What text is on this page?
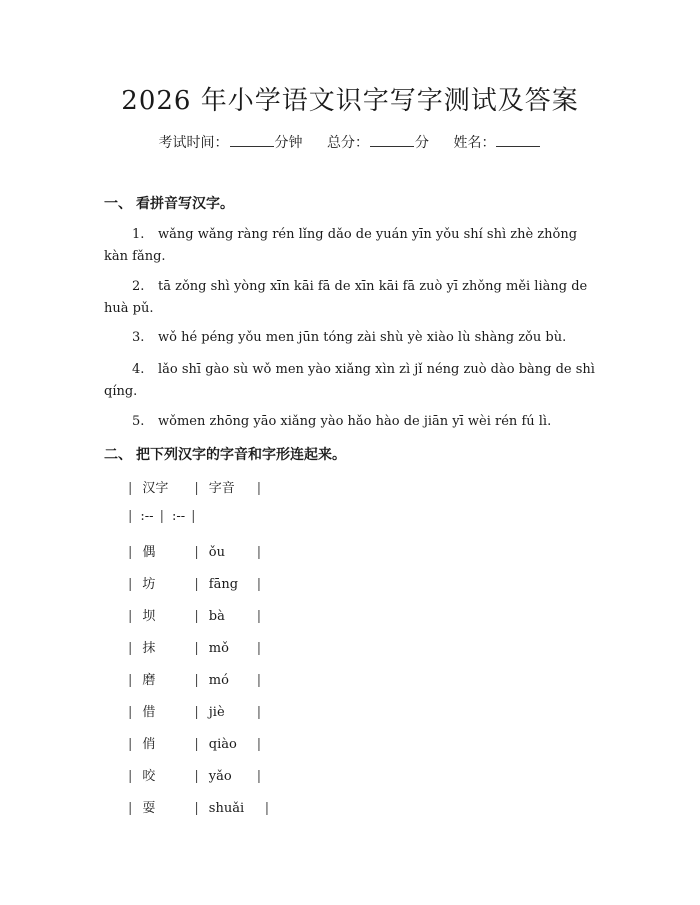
2026 年小学语文识字写字测试及答案
考试时间：	分钟 总分：	分 姓名：
一、 看拼音写汉字。
1. wǎng wǎng ràng rén lǐng dǎo de yuán yīn yǒu shí shì zhè zhǒng kàn fǎng.
2. tā zǒng shì yòng xīn kāi fā de xīn kāi fā zuò yī zhǒng měi liàng de huà pǔ.
3. wǒ hé péng yǒu men jūn tóng zài shù yè xiào lù shàng zǒu bù.
4. lǎo shī gào sù wǒ men yào xiǎng xìn zì jǐ néng zuò dào bàng de shì qíng.
5. wǒmen zhōng yāo xiǎng yào hǎo hào de jiān yī wèi rén fú lì.
二、 把下列汉字的字音和字形连起来。
| 汉字 | 字音 |
| :-- | :-- |
| 偶	| ǒu |
| 坊	| fāng |
| 坝	| bà |
| 抹	| mǒ |
| 磨	| mó |
| 借	| jiè |
| 俏	| qiào |
| 咬	| yǎo |
| 耍	| shuǎi |
